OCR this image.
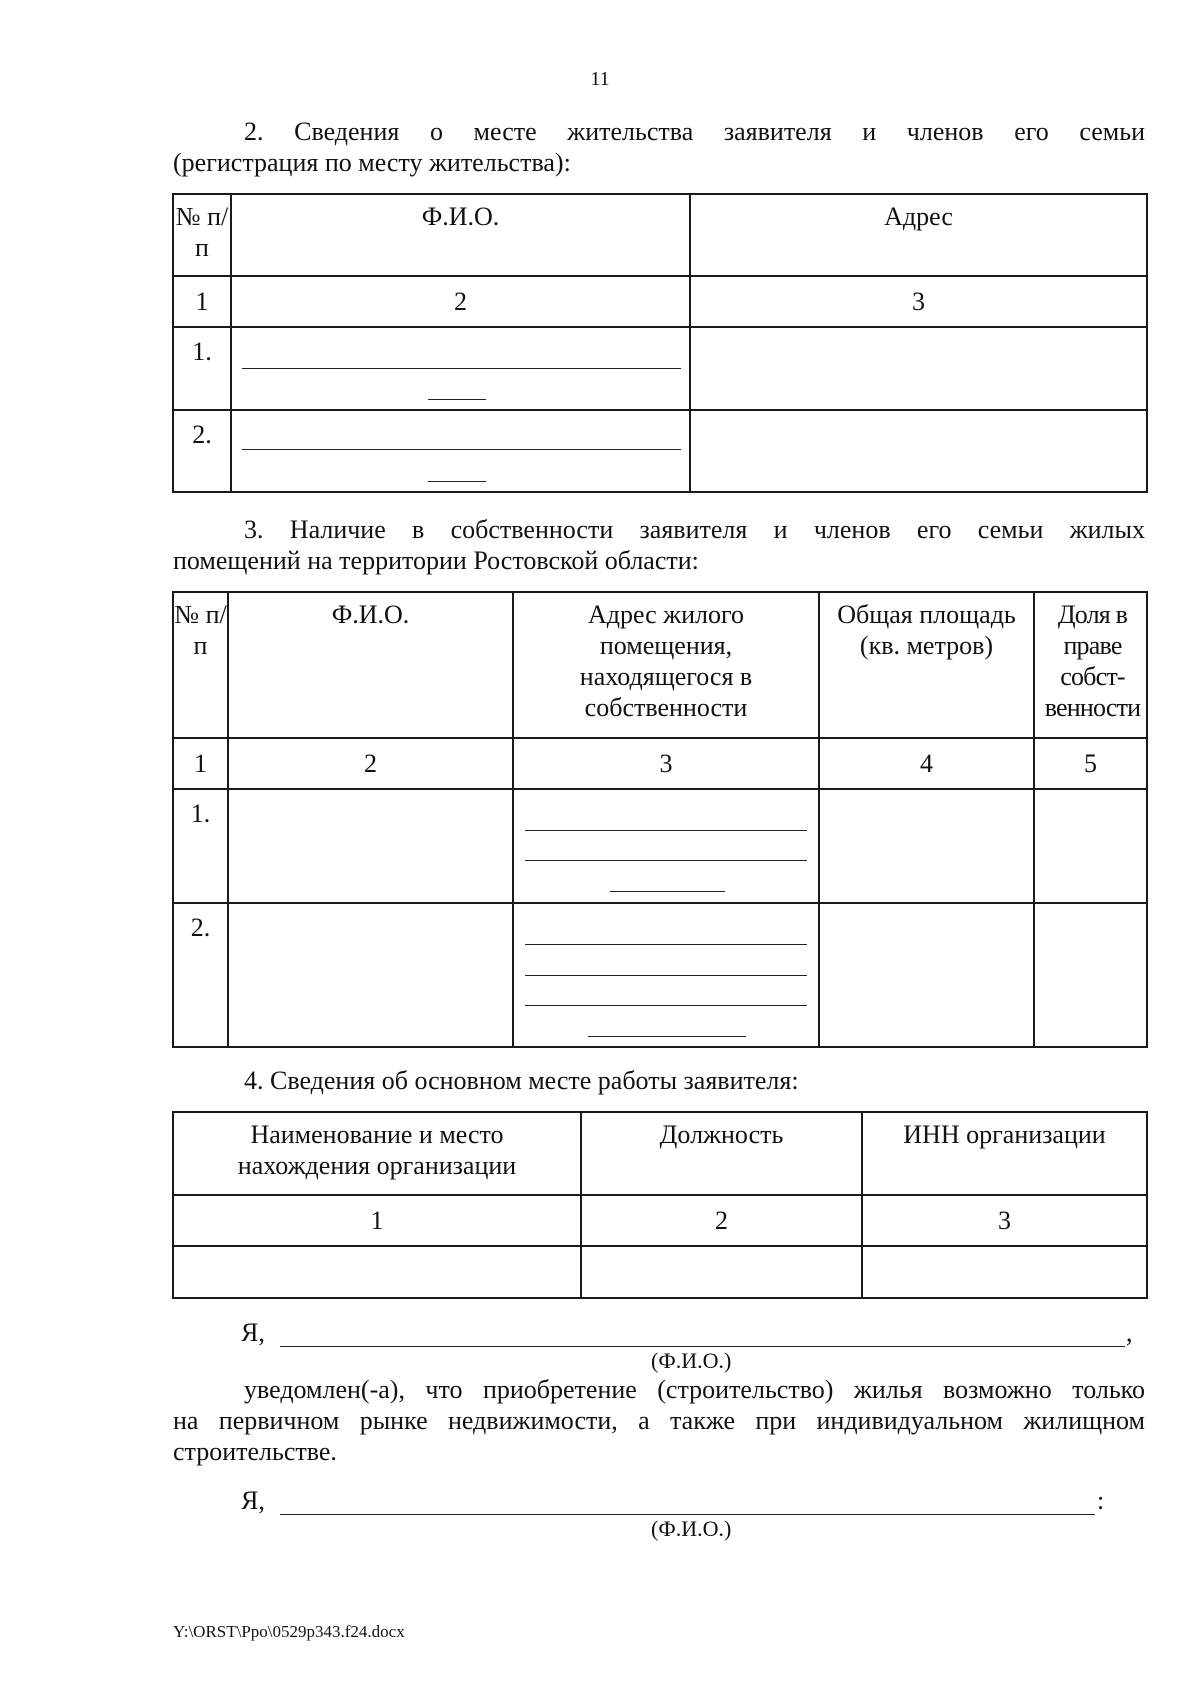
11
2. Сведения о месте жительства заявителя и членов его семьи
(регистрация по месту жительства):
№ п/п	Ф.И.О.	Адрес
1	2	3
1.	

2.	

3. Наличие в собственности заявителя и членов его семьи жилых
помещений на территории Ростовской области:
№ п/п	Ф.И.О.	Адрес жилого помещения, находящегося в собственности	Общая площадь (кв. метров)	Доля в праве собст-венности
1	2	3	4	5
1.		

2.		

4. Сведения об основном месте работы заявителя:
Наименование и место нахождения организации	Должность	ИНН организации
1	2	3

Я,	,
(Ф.И.О.)
уведомлен(-а), что приобретение (строительство) жилья возможно только
на первичном рынке недвижимости, а также при индивидуальном жилищном
строительстве.
Я,	:
(Ф.И.О.)
Y:\ORST\Ppo\0529p343.f24.docx
